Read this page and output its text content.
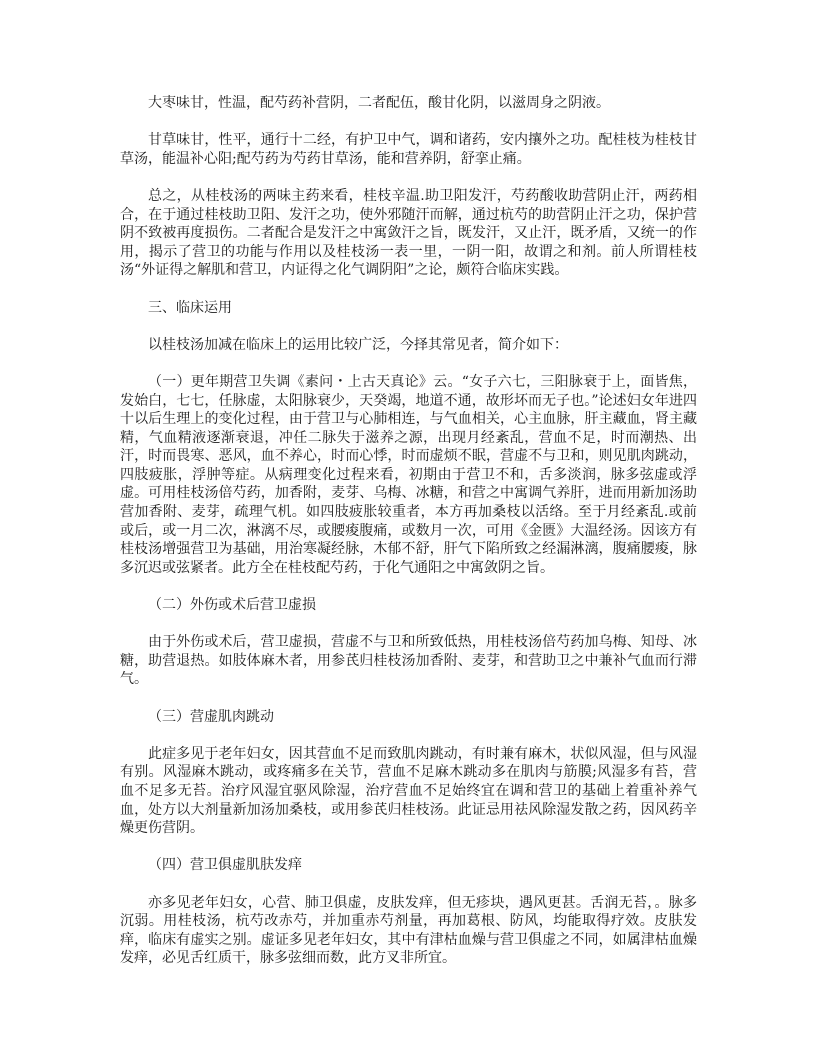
大枣味甘，性温，配芍药补营阴，二者配伍，酸甘化阴，以滋周身之阴液。

甘草味甘，性平，通行十二经，有护卫中气，调和诸药，安内攘外之功。配桂枝为桂枝甘草汤，能温补心阳;配芍药为芍药甘草汤，能和营养阴，舒挛止痛。

总之，从桂枝汤的两味主药来看，桂枝辛温.助卫阳发汗，芍药酸收助营阴止汗，两药相合，在于通过桂枝助卫阳、发汗之功，使外邪随汗而解，通过杭芍的助营阴止汗之功，保护营阴不致被再度损伤。二者配合是发汗之中寓敛汗之旨，既发汗，又止汗，既矛盾，又统一的作用，揭示了营卫的功能与作用以及桂枝汤一表一里，一阴一阳，故谓之和剂。前人所谓桂枝汤“外证得之解肌和营卫，内证得之化气调阴阳”之论，颇符合临床实践。

三、临床运用

以桂枝汤加减在临床上的运用比较广泛，今择其常见者，简介如下：

（一）更年期营卫失调《素问・上古天真论》云。“女子六七，三阳脉衰于上，面皆焦，发始白，七七，任脉虚，太阳脉衰少，天癸竭，地道不通，故形坏而无子也。”论述妇女年进四十以后生理上的变化过程，由于营卫与心肺相连，与气血相关，心主血脉，肝主藏血，肾主藏精，气血精液逐渐衰退，冲任二脉失于滋养之源，出现月经紊乱，营血不足，时而潮热、出汗，时而畏寒、恶风，血不养心，时而心悸，时而虚烦不眠，营虚不与卫和，则见肌肉跳动，四肢疲胀，浮肿等症。从病理变化过程来看，初期由于营卫不和，舌多淡润，脉多弦虚或浮虚。可用桂枝汤倍芍药，加香附，麦芽、乌梅、冰糖，和营之中寓调气养肝，进而用新加汤助营加香附、麦芽，疏理气机。如四肢疲胀较重者，本方再加桑枝以活络。至于月经紊乱.或前或后，或一月二次，淋漓不尽，或腰痠腹痛，或数月一次，可用《金匮》大温经汤。因该方有桂枝汤增强营卫为基础，用治寒凝经脉，木郁不舒，肝气下陷所致之经漏淋漓，腹痛腰痠，脉多沉迟或弦紧者。此方全在桂枝配芍药，于化气通阳之中寓敛阴之旨。

（二）外伤或术后营卫虚损

由于外伤或术后，营卫虚损，营虚不与卫和所致低热，用桂枝汤倍芍药加乌梅、知母、冰糖，助营退热。如肢体麻木者，用参芪归桂枝汤加香附、麦芽，和营助卫之中兼补气血而行滞气。

（三）营虚肌肉跳动

此症多见于老年妇女，因其营血不足而致肌肉跳动，有时兼有麻木，状似风湿，但与风湿有别。风湿麻木跳动，或疼痛多在关节，营血不足麻木跳动多在肌肉与筋膜;风湿多有苔，营血不足多无苔。治疗风湿宜驱风除湿，治疗营血不足始终宜在调和营卫的基础上着重补养气血，处方以大剂量新加汤加桑枝，或用参芪归桂枝汤。此证忌用祛风除湿发散之药，因风药辛燥更伤营阴。

（四）营卫俱虚肌肤发痒

亦多见老年妇女，心营、肺卫俱虚，皮肤发痒，但无疹块，遇风更甚。舌润无苔，。脉多沉弱。用桂枝汤，杭芍改赤芍，并加重赤芍剂量，再加葛根、防风，均能取得疗效。皮肤发痒，临床有虚实之别。虚证多见老年妇女，其中有津枯血燥与营卫俱虚之不同，如属津枯血燥发痒，必见舌红质干，脉多弦细而数，此方叉非所宜。
